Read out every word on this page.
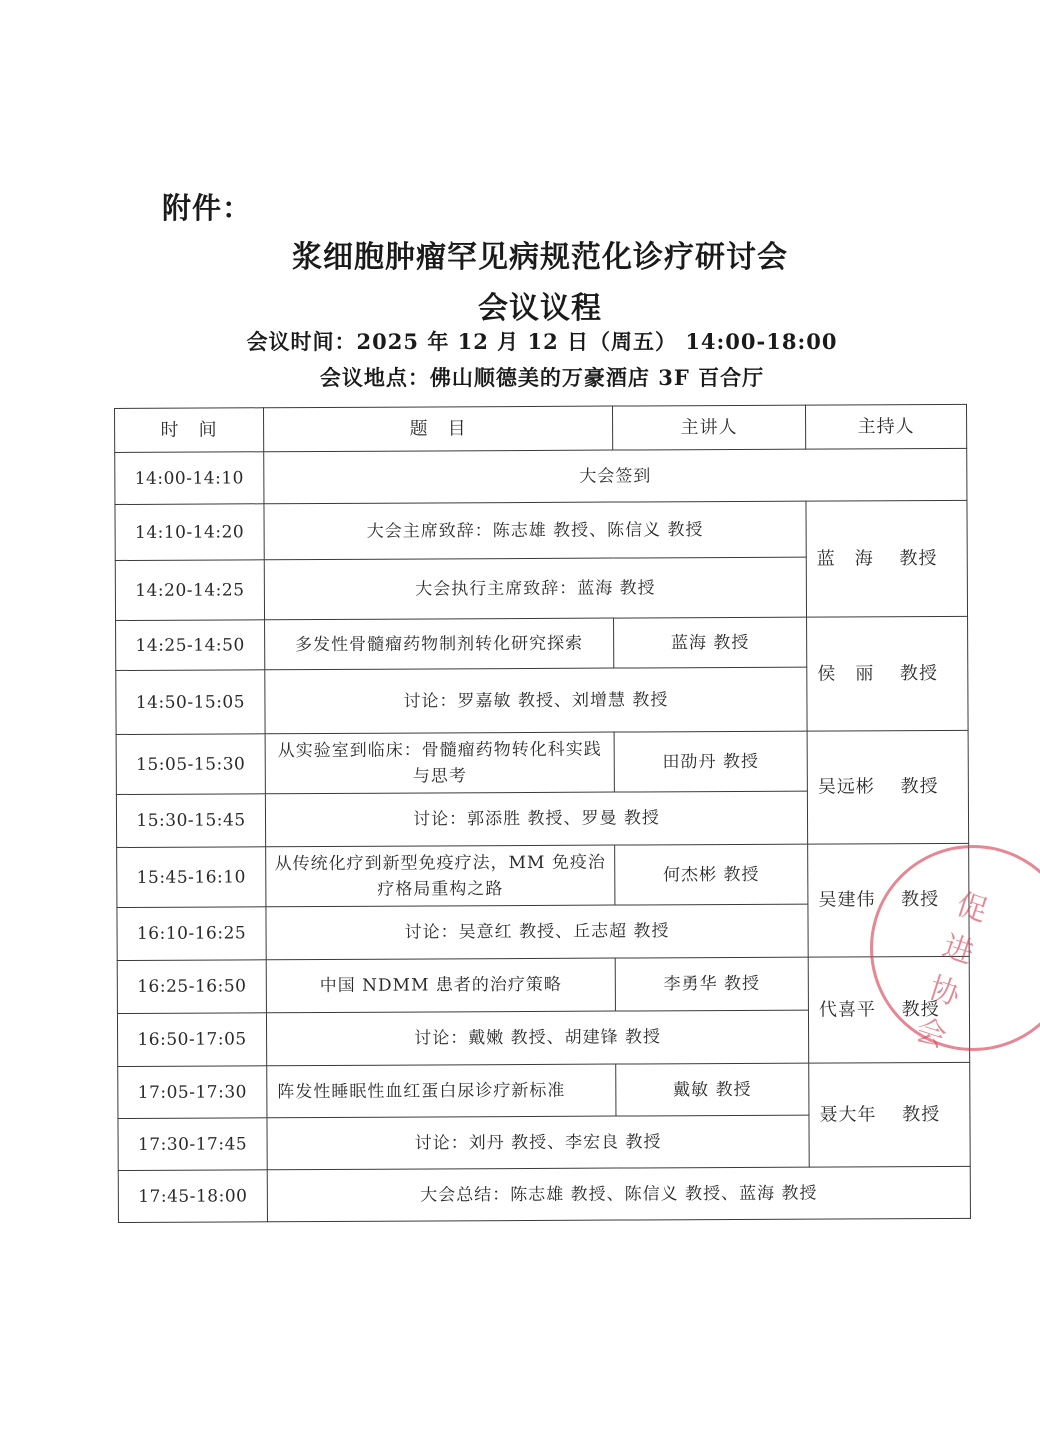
附件：
浆细胞肿瘤罕见病规范化诊疗研讨会
会议议程
会议时间：2025 年 12 月 12 日（周五） 14:00-18:00
会议地点：佛山顺德美的万豪酒店 3F 百合厅
时　间	题　目	主讲人	主持人
14:00-14:10	大会签到		
14:10-14:20	大会主席致辞：陈志雄 教授、陈信义 教授		蓝　海　 教授
14:20-14:25	大会执行主席致辞：蓝海 教授		
14:25-14:50	多发性骨髓瘤药物制剂转化研究探索	蓝海 教授	侯　丽　 教授
14:50-15:05	讨论：罗嘉敏 教授、刘增慧 教授		
15:05-15:30	从实验室到临床：骨髓瘤药物转化科实践与思考	田劭丹 教授	吴远彬　 教授
15:30-15:45	讨论：郭添胜 教授、罗曼 教授		
15:45-16:10	从传统化疗到新型免疫疗法，MM 免疫治疗格局重构之路	何杰彬 教授	吴建伟　 教授
16:10-16:25	讨论：吴意红 教授、丘志超 教授		
16:25-16:50	中国 NDMM 患者的治疗策略	李勇华 教授	代喜平　 教授
16:50-17:05	讨论：戴嫩 教授、胡建锋 教授		
17:05-17:30	阵发性睡眠性血红蛋白尿诊疗新标准	戴敏 教授	聂大年　 教授
17:30-17:45	讨论：刘丹 教授、李宏良 教授		
17:45-18:00	大会总结：陈志雄 教授、陈信义 教授、蓝海 教授		
促进协会
